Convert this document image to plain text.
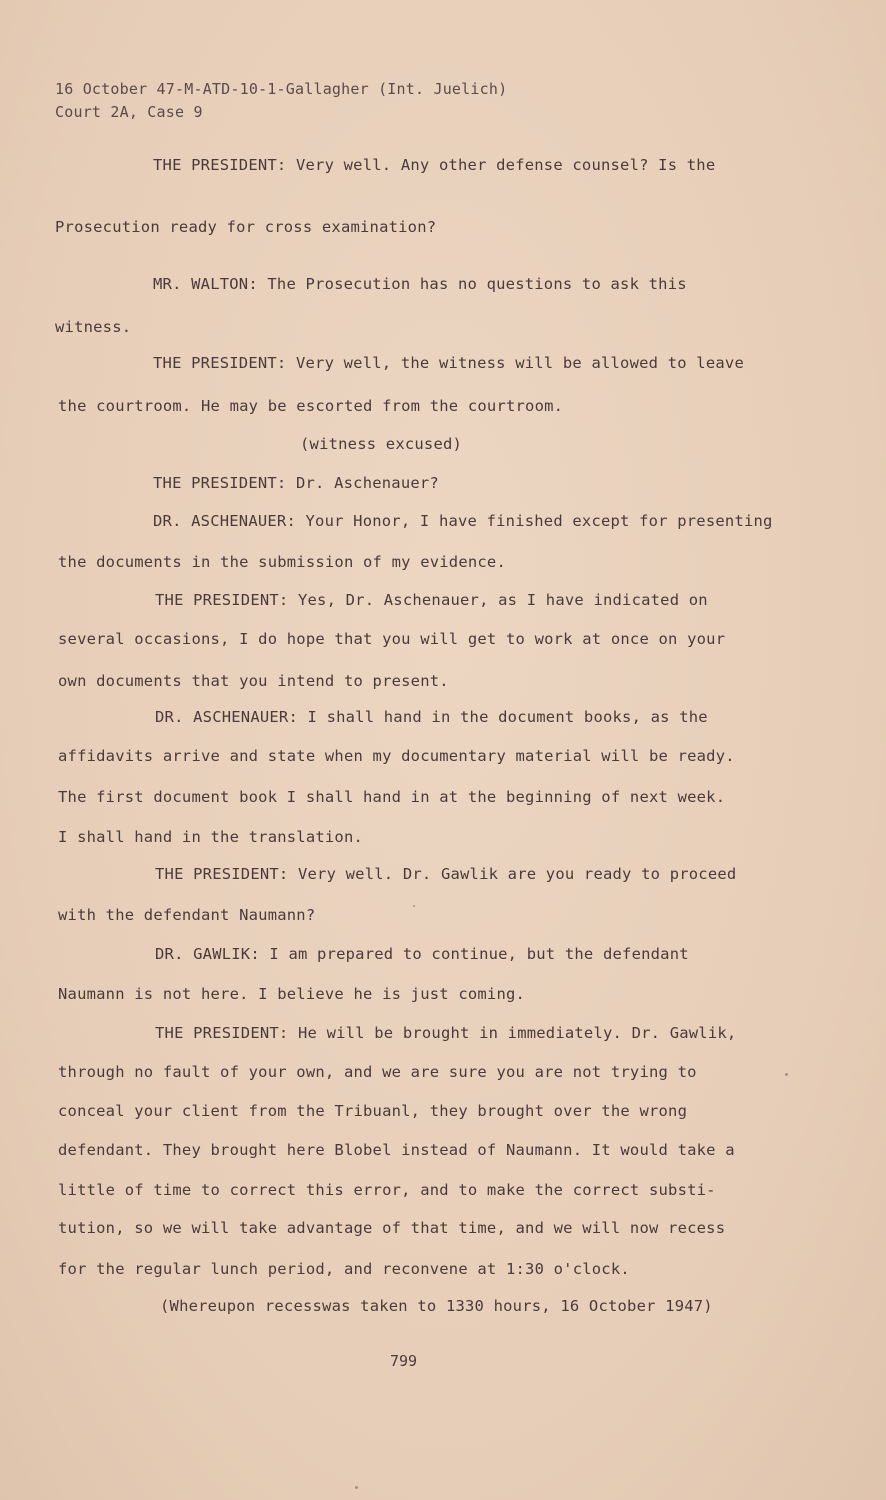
16 October 47-M-ATD-10-1-Gallagher (Int. Juelich)
Court 2A, Case 9
THE PRESIDENT: Very well. Any other defense counsel? Is the
Prosecution ready for cross examination?
MR. WALTON: The Prosecution has no questions to ask this
witness.
THE PRESIDENT: Very well, the witness will be allowed to leave
the courtroom. He may be escorted from the courtroom.
(witness excused)
THE PRESIDENT: Dr. Aschenauer?
DR. ASCHENAUER: Your Honor, I have finished except for presenting
the documents in the submission of my evidence.
THE PRESIDENT: Yes, Dr. Aschenauer, as I have indicated on
several occasions, I do hope that you will get to work at once on your
own documents that you intend to present.
DR. ASCHENAUER: I shall hand in the document books, as the
affidavits arrive and state when my documentary material will be ready.
The first document book I shall hand in at the beginning of next week.
I shall hand in the translation.
THE PRESIDENT: Very well. Dr. Gawlik are you ready to proceed
with the defendant Naumann?
DR. GAWLIK: I am prepared to continue, but the defendant
Naumann is not here. I believe he is just coming.
THE PRESIDENT: He will be brought in immediately. Dr. Gawlik,
through no fault of your own, and we are sure you are not trying to
conceal your client from the Tribuanl, they brought over the wrong
defendant. They brought here Blobel instead of Naumann. It would take a
little of time to correct this error, and to make the correct substi-
tution, so we will take advantage of that time, and we will now recess
for the regular lunch period, and reconvene at 1:30 o'clock.
(Whereupon recesswas taken to 1330 hours, 16 October 1947)
799
